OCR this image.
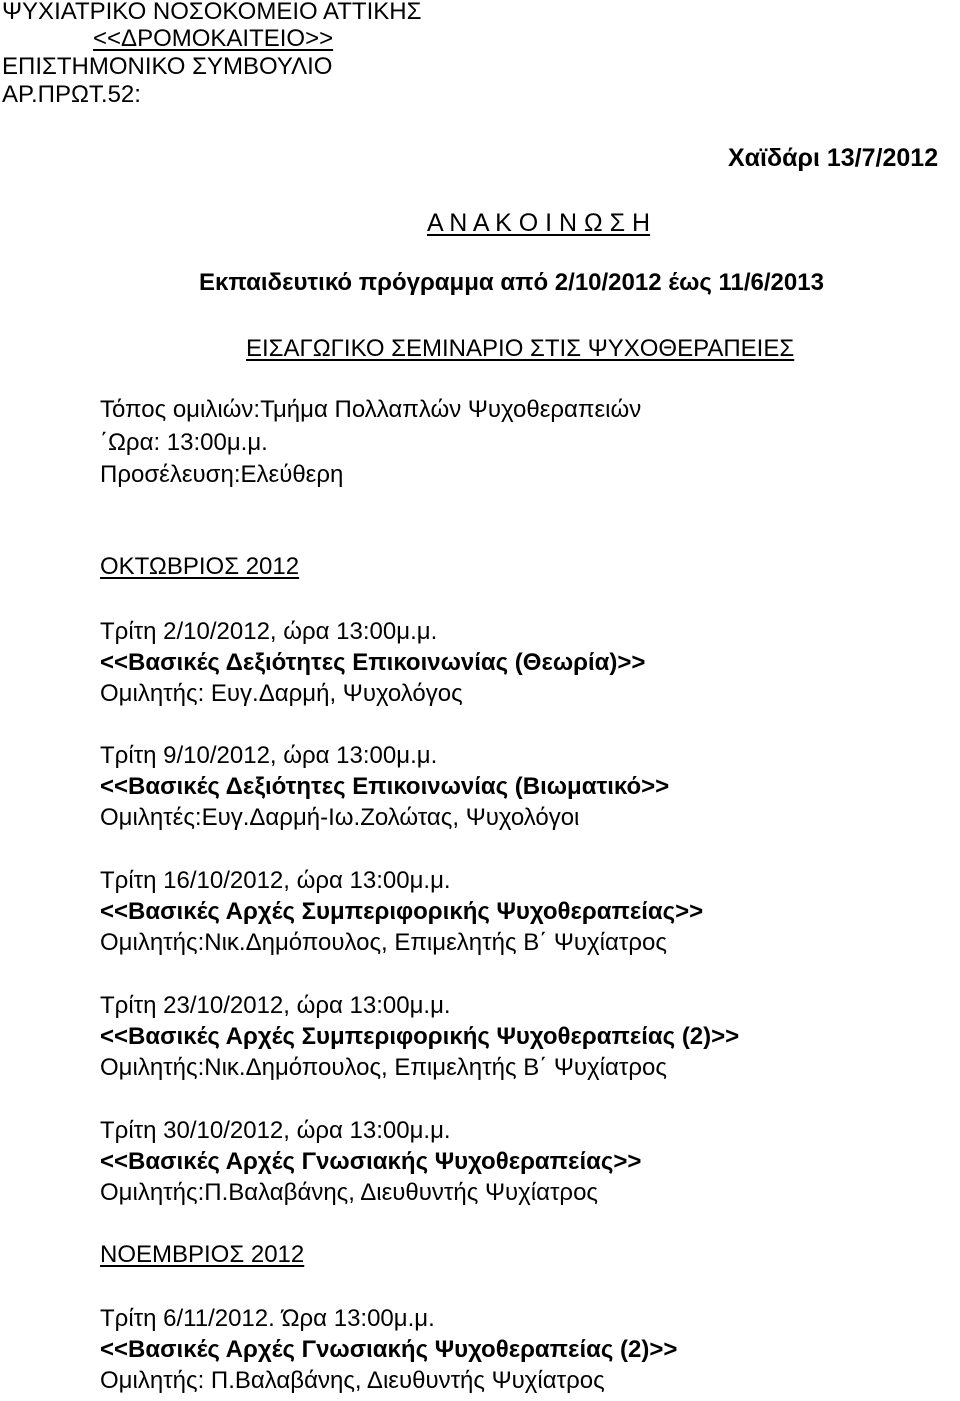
ΨΥΧΙΑΤΡΙΚΟ ΝΟΣΟΚΟΜΕΙΟ ΑΤΤΙΚΗΣ
<<ΔΡΟΜΟΚΑΙΤΕΙΟ>>
ΕΠΙΣΤΗΜΟΝΙΚΟ ΣΥΜΒΟΥΛΙΟ
ΑΡ.ΠΡΩΤ.52:
Χαϊδάρι 13/7/2012
Α Ν Α Κ Ο Ι Ν Ω Σ Η
Εκπαιδευτικό πρόγραμμα από 2/10/2012 έως 11/6/2013
ΕΙΣΑΓΩΓΙΚΟ ΣΕΜΙΝΑΡΙΟ ΣΤΙΣ ΨΥΧΟΘΕΡΑΠΕΙΕΣ
Τόπος ομιλιών:Τμήμα Πολλαπλών Ψυχοθεραπειών
΄Ωρα: 13:00μ.μ.
Προσέλευση:Ελεύθερη
ΟΚΤΩΒΡΙΟΣ 2012
Τρίτη 2/10/2012, ώρα 13:00μ.μ.
<<Βασικές Δεξιότητες Επικοινωνίας (Θεωρία)>>
Ομιλητής: Ευγ.Δαρμή, Ψυχολόγος
Τρίτη 9/10/2012, ώρα 13:00μ.μ.
<<Βασικές Δεξιότητες Επικοινωνίας (Βιωματικό>>
Ομιλητές:Ευγ.Δαρμή-Ιω.Ζολώτας, Ψυχολόγοι
Τρίτη 16/10/2012, ώρα 13:00μ.μ.
<<Βασικές Αρχές Συμπεριφορικής Ψυχοθεραπείας>>
Ομιλητής:Νικ.Δημόπουλος, Επιμελητής Β΄ Ψυχίατρος
Τρίτη 23/10/2012, ώρα 13:00μ.μ.
<<Βασικές Αρχές Συμπεριφορικής Ψυχοθεραπείας (2)>>
Ομιλητής:Νικ.Δημόπουλος, Επιμελητής Β΄ Ψυχίατρος
Τρίτη 30/10/2012, ώρα 13:00μ.μ.
<<Βασικές Αρχές Γνωσιακής Ψυχοθεραπείας>>
Ομιλητής:Π.Βαλαβάνης, Διευθυντής Ψυχίατρος
ΝΟΕΜΒΡΙΟΣ 2012
Τρίτη 6/11/2012. Ώρα 13:00μ.μ.
<<Βασικές Αρχές Γνωσιακής Ψυχοθεραπείας (2)>>
Ομιλητής: Π.Βαλαβάνης, Διευθυντής Ψυχίατρος
